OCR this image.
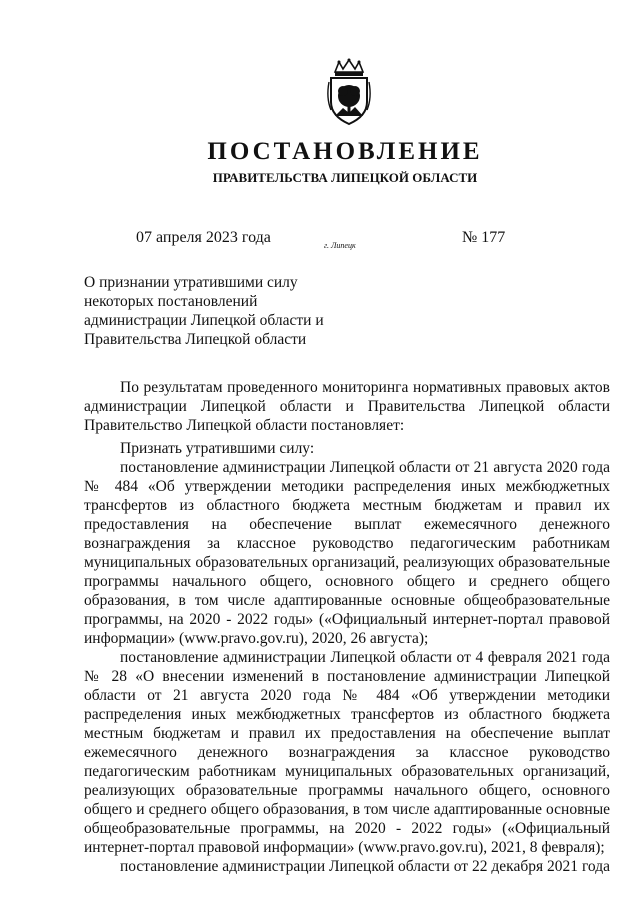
ПОСТАНОВЛЕНИЕ
ПРАВИТЕЛЬСТВА ЛИПЕЦКОЙ ОБЛАСТИ
07 апреля 2023 года	г. Липецк	№ 177
О признании утратившими силу
некоторых постановлений
администрации Липецкой области и
Правительства Липецкой области
По результатам проведенного мониторинга нормативных правовых актов
администрации Липецкой области и Правительства Липецкой области
Правительство Липецкой области постановляет:
Признать утратившими силу:
постановление администрации Липецкой области от 21 августа 2020 года
№ 484 «Об утверждении методики распределения иных межбюджетных
трансфертов из областного бюджета местным бюджетам и правил их
предоставления на обеспечение выплат ежемесячного денежного
вознаграждения за классное руководство педагогическим работникам
муниципальных образовательных организаций, реализующих образовательные
программы начального общего, основного общего и среднего общего
образования, в том числе адаптированные основные общеобразовательные
программы, на 2020 - 2022 годы» («Официальный интернет-портал правовой
информации» (www.pravo.gov.ru), 2020, 26 августа);
постановление администрации Липецкой области от 4 февраля 2021 года
№ 28 «О внесении изменений в постановление администрации Липецкой
области от 21 августа 2020 года № 484 «Об утверждении методики
распределения иных межбюджетных трансфертов из областного бюджета
местным бюджетам и правил их предоставления на обеспечение выплат
ежемесячного денежного вознаграждения за классное руководство
педагогическим работникам муниципальных образовательных организаций,
реализующих образовательные программы начального общего, основного
общего и среднего общего образования, в том числе адаптированные основные
общеобразовательные программы, на 2020 - 2022 годы» («Официальный
интернет-портал правовой информации» (www.pravo.gov.ru), 2021, 8 февраля);
постановление администрации Липецкой области от 22 декабря 2021 года
